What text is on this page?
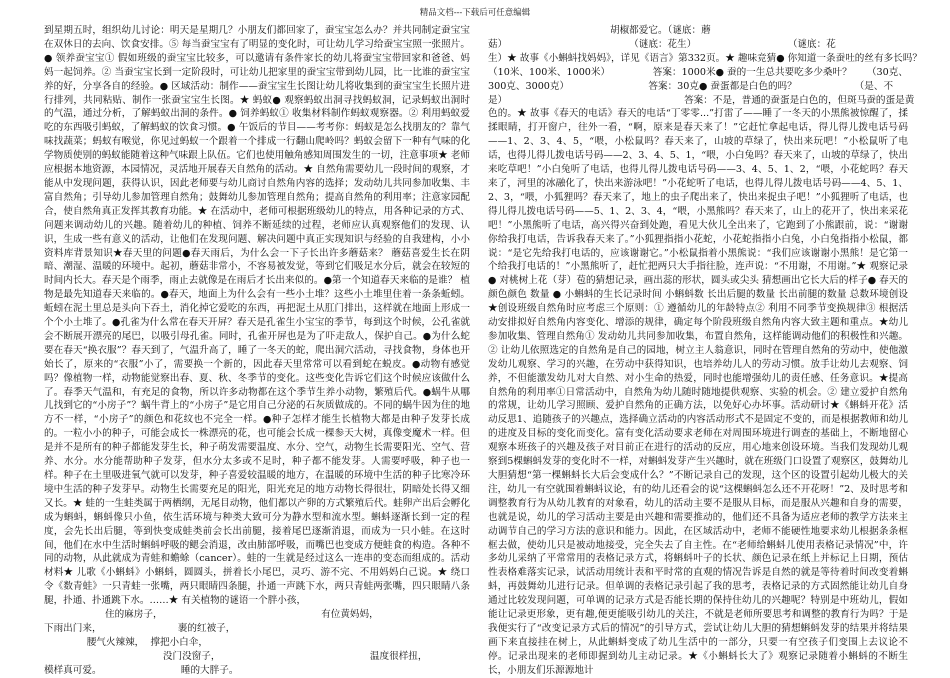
精品文档---下载后可任意编辑

到星期五时，组织幼儿讨论：明天是星期几？小朋友们都回家了，蚕宝宝怎么办？并共同制定蚕宝宝在双休日的去向、饮食安排。⑤ 每当蚕宝宝有了明显的变化时，可让幼儿学习给蚕宝宝照一张照片。● 领养蚕宝宝① 假如班级的蚕宝宝比较多，可以邀请有条件家长的幼儿将蚕宝宝带回家和爸爸、妈妈一起饲养。② 当蚕宝宝长到一定阶段时，可让幼儿把家里的蚕宝宝带到幼儿园，比一比谁的蚕宝宝养的好，分享各自的经验。● 区域活动：制作——蚕宝宝生长图让幼儿将收集到的蚕宝宝生长照片进行排列，共同粘贴、制作一张蚕宝宝生长图。★ 蚂蚁● 观察蚂蚁出洞寻找蚂蚁洞，记录蚂蚁出洞时的气温，通过分析，了解蚂蚁出洞的条件。● 饲养蚂蚁① 收集材料制作蚂蚁观察器。② 利用蚂蚁爱吃的东西吸引蚂蚁，了解蚂蚁的饮食习惯。● 午饭后的节目——考考你：蚂蚁是怎么找朋友的？靠气味找蔬菜；蚂蚁有喉觉，你见过蚂蚁一个跟着一个排成一行翻山爬岭吗？蚂蚁会留下一种有气味的化学物质使别的蚂蚁能随着这种气味跟上队伍。它们也使用触角感知周围发生的一切，注意事项★ 老师应根据本地资源，本园情况，灵活地开展春天自然角的活动。★ 自然角需要幼儿一段时间的观察，才能从中发现问题，获得认识，因此老师要与幼儿商讨自然角内容的选择；发动幼儿共同参加收集、丰富自然角；引导幼儿参加管理自然角；鼓舞幼儿参加管理自然角；提高自然角的利用率；注意家园配合，使自然角真正发挥其教育功能。★ 在活动中，老师可根据班级幼儿的特点，用各种记录的方式、问题来调动幼儿的兴趣。随着幼儿的种植、饲养不断延续的过程，老师应认真观察他们的发现、认识，生成一些有意义的活动，让他们在发现问题、解决问题中真正实现知识与经验的自我建构，小小资料库背景知识★春天里的问题●春天雨后，为什么会一下子长出许多蘑菇来？ 蘑菇喜爱生长在阴暗、潮湿、温暖的环境中。起初，蘑菇非常小，不容易被发觉，等到它们吸足水分后，就会在较短的时间内长大。春天是个雨季，雨止去就像是在雨后才长出来似的。●第一个知道春天来临的是谁？ 植物是最先知道春天来临的。●春天，地面上为什么会有一些小土堆？这些小土堆里住着一条条蚯蚓。蚯蚓在泥土里总是头向下吞土，消化掉它爱吃的东西，再把泥土从肛门排出，这样就在地面上形成一个个小土堆了。●孔雀为什么常在春天开屏？春天是孔雀生小宝宝的季节，每到这个时候，公孔雀就会不断展开漂亮的尾巴，以吸引母孔雀。同时，孔雀开屏也是为了吓走敌人，保护自己。●为什么蛇要在春天“换衣服”？春天到了，气温升高了，睡了一冬天的蛇，爬出洞穴活动，寻找食物，身体也开始长了，原来的“衣服”小了，需要换一个新的，因此春天里常常可以看到蛇在蜕皮。●动物有感觉吗？像植物一样，动物能觉察出春、夏、秋、冬季节的变化。这些变化告诉它们这个时候应该做什么了。春季天气温和，有充足的食物，所以许多动物都在这个季节生养小动物，繁殖后代。●蜗牛从哪儿找到它的“小房子”？蜗牛背上的“小房子”是它用自己分泌的石灰质做成的。不同的蜗牛因为住的地方不一样，“小房子”的颜色和花纹也不完全一样。●种子怎样才能生长植物大都是由种子发芽长成的。一粒小小的种子，可能会成长一株漂亮的花，也可能会长成一棵参天大树，真像变魔术一样。但是并不是所有的种子都能发芽生长，种子萌发需要温度、水分、空气，动物生长需要阳光、空气、营养、水分。水分能帮助种子发芽，但水分太多或不足时，种子都不能发芽。人需要呼吸，种子也一样。种子在土里吸进氧气就可以发芽，种子喜爱较温暖的地方，在温暖的环境中生活的种子比寒冷环境中生活的种子发芽早。动物生长需要充足的阳光，阳光充足的地方动物长得很壮，阴暗处长得又细又长。★ 蛙的一生蛙类属于两栖纲，无尾目动物，他们都以产卵的方式繁殖后代。蛙卵产出后会孵化成为蝌蚪，蝌蚪像只小鱼，依生活环境与种类大致可分为静水型和流水型。蝌蚪逐渐长到一定的程度，会先长出后腿，等到快变成蛙类前会长出前腿，接着尾巴逐渐消退，而成为一只小蛙。在这时间，他们在水中生活时蝌蚪呼吸的鳃会消退，改由肺部呼吸，而嘴巴也变成方便蛙食的构造。各种不同的动物，从此就成为青蛙和蟾蜍（cancer）。蛙的一生就是经过这么一连串的变态而组成的。活动材料★ 儿歌《小蝌蚪》小蝌蚪，圆圆头，拼着长小尾巴，灵巧、游不完、不用妈妈白己说。★ 绕口令《数青蛙》一只青蛙一张嘴，两只眼睛四条腿，扑通一声跳下水，两只青蛙两张嘴，四只眼睛八条腿，扑通、扑通跳下水。……★ 有关植物的谜语一个胖小孩，

住的麻房子，                                                    有位黄妈妈，
下雨出门来，                         裹的红被子，
腰气火辣辣，  撑把小白伞，
没门没窗子，                                                 温度很样扭，
模样真可爱。                          睡的大胖子。
胡椒都爱它。（谜底：蘑
菇）                                        （谜底：花生）                              （谜底：花
生）★ 故事《小蝌蚪找妈妈》，详见《语言》第332页。★ 趣味竞猜● 你知道一条蚕吐的丝有多长吗？
（10米、100米、1000米）              答案：1000米● 蚕的一生总共要吃多少桑叶？     （30克、
300克、3000克）                          答案：30克● 蚕蛋都是白色的吗？                   （是、不
是）                                                          答案：不是，普通的蚕蛋是白色的，但斑马蚕的蛋是黄

色的。★ 故事《春天的电话》春天的电话“丁零零...”打雷了——睡了一冬天的小黑熊被惊醒了，揉揉眼睛，打开窗户，往外一看，“啊，原来是春天来了！”它赶忙拿起电话，得儿得儿拨电话号码——1、2、3、4、5，“喂，小松鼠吗？春天来了，山坡的草绿了，快出来玩吧！”小松鼠听了电话，也得儿得儿拨电话号码——2、3、4、5、1，“喂，小白兔吗？春天来了，山坡的草绿了，快出来吃草吧！”小白兔听了电话，也得儿得儿拨电话号码——3、4、5、1、2，“喂，小花蛇吗？春天来了，河里的冰融化了，快出来游泳吧！”小花蛇听了电话，也得儿得儿拨电话号码——4、5、1、2、3，“喂，小狐狸吗？春天来了，地上的虫子爬出来了，快出来捉虫子吧！”小狐狸听了电话，也得儿得儿拨电话号码——5、1、2、3、4，“喂，小黑熊吗？春天来了，山上的花开了，快出来采花吧！”小黑熊听了电话，高兴得兴奋到处跑，看见大伙儿全出来了，它跑到了小熊跟前，说：“谢谢你给我打电话，告诉我春天来了。”小狐狸指指小花蛇，小花蛇指指小白兔，小白兔指指小松鼠，都说：“是它先给我打电话的，应该谢谢它。”小松鼠指着小黑熊说：“我们应该谢谢小黑熊！是它第一个给我打电话的！”小黑熊听了，赶忙把两只大手指往脸，连声说：“不用谢，不用谢。”★ 观察记录● 对桃树上花（芽）苞的猜想记录，画出蕊的形状，圆头或尖头 猜想画出它长大后的样子● 春天的颜色颜色 数量 ● 小蝌蚪的生长记录时间 小蝌蚪数 长出后腿的数量 长出前腿的数量 总数环境创设★创设班级自然角时应考虑三个原则：① 遵循幼儿的年龄特点② 利用不同季节变换规律③ 根据活动安排拟好自然角内容变化、增添的规律，确定每个阶段班级自然角内容大致主题和重点。★幼儿参加收集、管理自然角① 发动幼儿共同参加收集，布置自然角，这样能调动他们的积极性和兴趣。② 让幼儿依照选定的自然角是自己的园地，树立主人翁意识，同时在管理自然角的劳动中，使他激发幼儿观察、学习的兴趣，在劳动中获得知识，也培养幼儿人的劳动习惯。放手让幼儿去观察、饲养，不但能激发幼儿对大自然、对小生命的热爱，同时也能增强幼儿的责任感、任务意识。★提高自然角的利用率①日常活动中，自然角为幼儿随时随地提供观察、实验的机会。② 建立爱护自然角的常规，让幼儿学习照顾、爱护自然角的正确方法，以免好心办坏事。活动研讨★《蝌蚪开花》活动反思1、追随孩子的兴趣点，选择确立活动的内容活动形式不是固定不变的，而是根据教师和幼儿的进度及目标的变化而变化。富有变化活动要求老师在对周围环境进行调查的基础上，不断地留心观察本班孩子的兴趣及孩子对目前正在进行的活动的反应，用心地来创设环境。当我们发现幼儿观察到5棵蝌蚪发芽的变化时不一样，对蝌蚪发芽产生兴趣时，就在班级门口设置了观察区，鼓舞幼儿大胆猜想“第一棵蝌蚪长大后会变成什么？”不断记录自己的发现，这个区的设置引起幼儿极大的关注，幼儿一有空就围着蝌蚪议论，有的幼儿还看会的说“这棵蝌蚪怎么还不开花呀！”2、及时思考和调整教育行为从幼儿教育的对象看，幼儿的活动主要不是服从目标，而是服从兴趣和自身的需要，也就是说，幼儿的学习活动主要是由兴趣和需要推动的，他们还不具备为适应老师的教学方法来主动调节自己的学习方法的意识和能力。因此，在区域活动中，老师不能硬性地要求幼儿根据条条框框去做，使幼儿只是被动地接受，完全失去了自主性。在“老师给蝌蚪儿使用表格记录情况”中，许多幼儿采纳了平常常用的表格记录方式，将蝌蚪叶子的长状、颜色记录在纸上并标记上日期，预估性表格难落实记录，试活动用统计表和平时常的直观的情况告诉是自然的就是等待着时间改变着蝌蚪，再鼓舞幼儿进行记录。但单调的表格记录引起了我的思考，表格记录的方式固然能让幼儿自身通过比较发现问题，可单调的记录方式是否能长期的保持住幼儿的兴趣呢？特别是中班幼儿，假如能让记录更形象，更有趣,便更能吸引幼儿的关注，不就是老师所要思考和调整的教育行为吗？于是我便实行了“改变记录方式后的情况”的引导方式，尝试让幼儿大胆的猜想蝌蚪发芽的结果并将结果画下来直接挂在树上，从此蝌蚪变成了幼儿生活中的一部分，只要一有空孩子们变围上去议论不停。记录出现来的老师即握到幼儿主动记录。★《小蝌蚪长大了》观察记录随着小蝌蚪的不断生长，小朋友们乐源源地计
